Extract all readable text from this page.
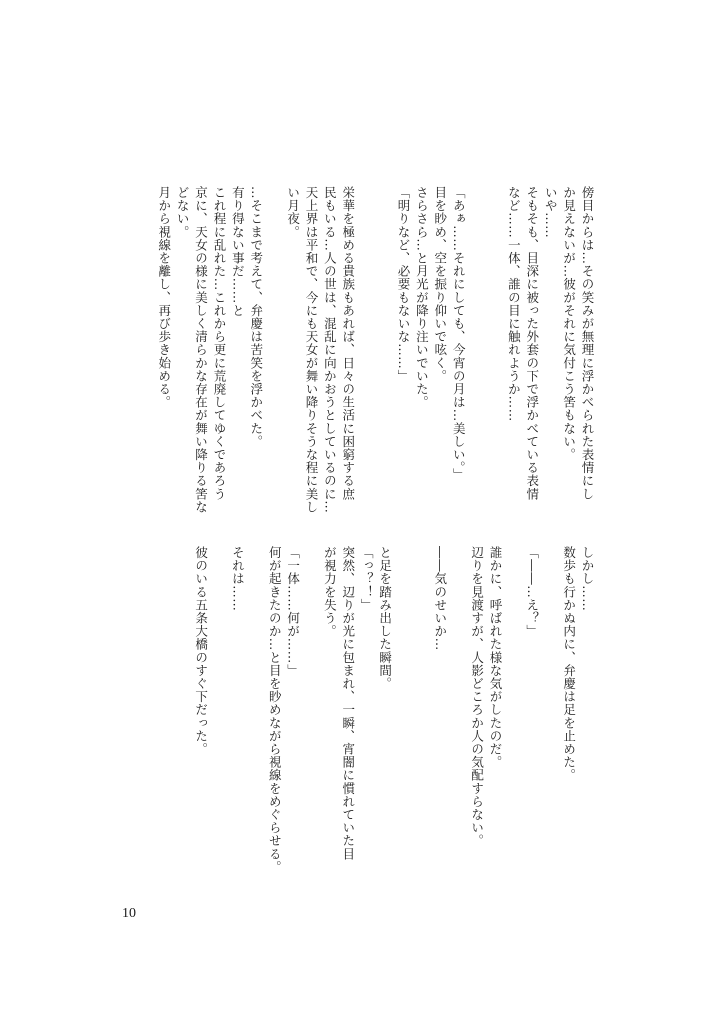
傍目からは…その笑みが無理に浮かべられた表情にし
か見えないが…彼がそれに気付こう筈もない。
いや……
そもそも、目深に被った外套の下で浮かべている表情
など……一体、誰の目に触れようか……
「あぁ……それにしても、今宵の月は…美しい。」
目を眇め、空を振り仰いで呟く。
さらさら…と月光が降り注いでいた。
「明りなど、必要もないな……」
栄華を極める貴族もあれば、日々の生活に困窮する庶
民もいる…人の世は、混乱に向かおうとしているのに…
天上界は平和で、今にも天女が舞い降りそうな程に美し
い月夜。
…そこまで考えて、弁慶は苦笑を浮かべた。
有り得ない事だ……と
これ程に乱れた…これから更に荒廃してゆくであろう
京に、天女の様に美しく清らかな存在が舞い降りる筈な
どない。
月から視線を離し、再び歩き始める。
しかし……
数歩も行かぬ内に、弁慶は足を止めた。
「――…え？」
誰かに、呼ばれた様な気がしたのだ。
辺りを見渡すが、人影どころか人の気配すらない。
――気のせいか…
と足を踏み出した瞬間。
「っ？！」
突然、辺りが光に包まれ、一瞬、宵闇に慣れていた目
が視力を失う。
「一体……何が……」
何が起きたのか…と目を眇めながら視線をめぐらせる。
それは……
彼のいる五条大橋のすぐ下だった。
10
